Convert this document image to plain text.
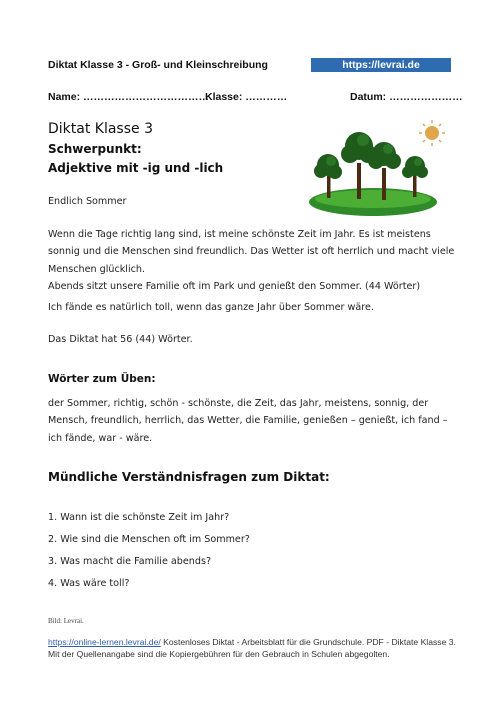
Diktat Klasse 3 - Groß- und Kleinschreibung	https://levrai.de
Name: ………………………………
Klasse: …………	Datum: …………………
Diktat Klasse 3
Schwerpunkt:
Adjektive mit -ig und -lich
Endlich Sommer
Wenn die Tage richtig lang sind, ist meine schönste Zeit im Jahr. Es ist meistens sonnig und die Menschen sind freundlich. Das Wetter ist oft herrlich und macht viele Menschen glücklich.
Abends sitzt unsere Familie oft im Park und genießt den Sommer. (44 Wörter)
Ich fände es natürlich toll, wenn das ganze Jahr über Sommer wäre.
Das Diktat hat 56 (44) Wörter.
Wörter zum Üben:
der Sommer, richtig, schön - schönste, die Zeit, das Jahr, meistens, sonnig, der Mensch, freundlich, herrlich, das Wetter, die Familie, genießen – genießt, ich fand – ich fände, war - wäre.
Mündliche Verständnisfragen zum Diktat:
1. Wann ist die schönste Zeit im Jahr?
2. Wie sind die Menschen oft im Sommer?
3. Was macht die Familie abends?
4. Was wäre toll?
Bild: Levrai.
https://online-lernen.levrai.de/ Kostenloses Diktat - Arbeitsblatt für die Grundschule. PDF - Diktate Klasse 3. Mit der Quellenangabe sind die Kopiergebühren für den Gebrauch in Schulen abgegolten.
